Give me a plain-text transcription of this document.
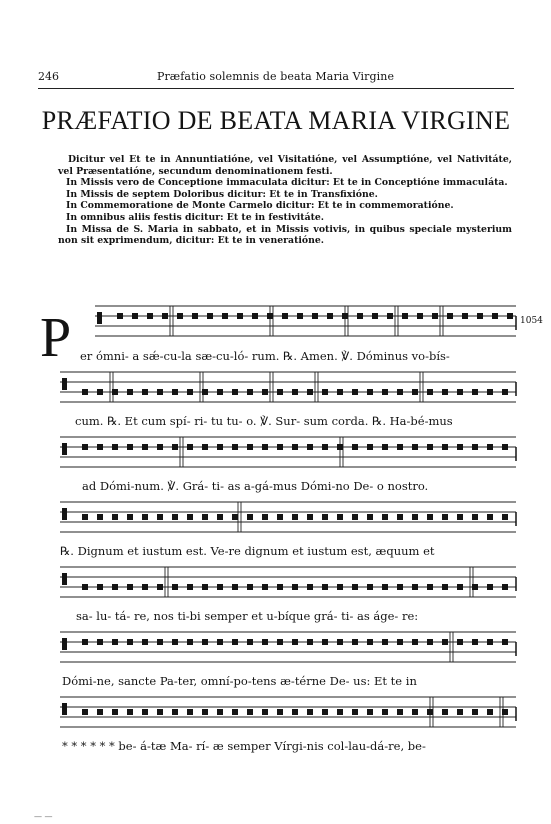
246	Præfatio solemnis de beata Maria Virgine
PRÆFATIO DE BEATA MARIA VIRGINE

Dicitur vel Et te in Annuntiatióne, vel Visitatióne, vel Assumptióne, vel Nativitáte, vel Præsentatióne, secundum denominationem festi.

In Missis vero de Conceptione immaculata dicitur: Et te in Conceptióne immaculáta.

In Missis de septem Doloribus dicitur: Et te in Transfixióne.

In Commemoratione de Monte Carmelo dicitur: Et te in commemoratióne.

In omnibus aliis festis dicitur: Et te in festivitáte.

In Missa de S. Maria in sabbato, et in Missis votivis, in quibus speciale mysterium non sit exprimendum, dicitur: Et te in veneratióne.

P	1054
er ómni- a sǽ-cu-la sæ-cu-ló- rum. ℞. Amen. ℣. Dóminus vo-bís-
cum. ℞. Et cum spí- ri- tu tu- o. ℣. Sur- sum corda. ℞. Ha-bé-mus
ad Dómi-num. ℣. Grá- ti- as a-gá-mus Dómi-no De- o nostro.
℞. Dignum et iustum est. Ve-re dignum et iustum est, æquum et
sa- lu- tá- re, nos ti-bi semper et u-bíque grá- ti- as áge- re:
Dómi-ne, sancte Pa-ter, omní-po-tens æ-térne De- us: Et te in
* * * * * * be- á-tæ Ma- rí- æ semper Vírgi-nis col-lau-dá-re, be-
— —
